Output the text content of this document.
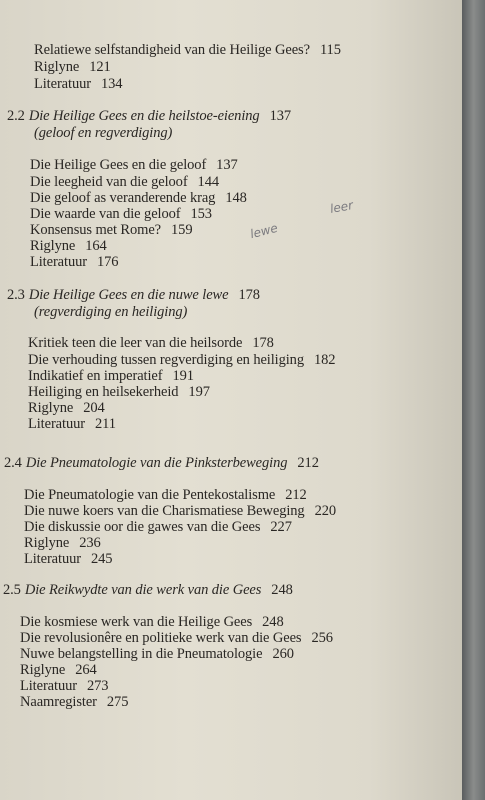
Relatiewe selfstandigheid van die Heilige Gees? 115
Riglyne 121
Literatuur 134
2.2 Die Heilige Gees en die heilstoe-eiening 137
(geloof en regverdiging)
Die Heilige Gees en die geloof 137
Die leegheid van die geloof 144
Die geloof as veranderende krag 148
Die waarde van die geloof 153
Konsensus met Rome? 159
Riglyne 164
Literatuur 176
lewe
leer
2.3 Die Heilige Gees en die nuwe lewe 178
(regverdiging en heiliging)
Kritiek teen die leer van die heilsorde 178
Die verhouding tussen regverdiging en heiliging 182
Indikatief en imperatief 191
Heiliging en heilsekerheid 197
Riglyne 204
Literatuur 211
2.4 Die Pneumatologie van die Pinksterbeweging 212
Die Pneumatologie van die Pentekostalisme 212
Die nuwe koers van die Charismatiese Beweging 220
Die diskussie oor die gawes van die Gees 227
Riglyne 236
Literatuur 245
2.5 Die Reikwydte van die werk van die Gees 248
Die kosmiese werk van die Heilige Gees 248
Die revolusionêre en politieke werk van die Gees 256
Nuwe belangstelling in die Pneumatologie 260
Riglyne 264
Literatuur 273
Naamregister 275
